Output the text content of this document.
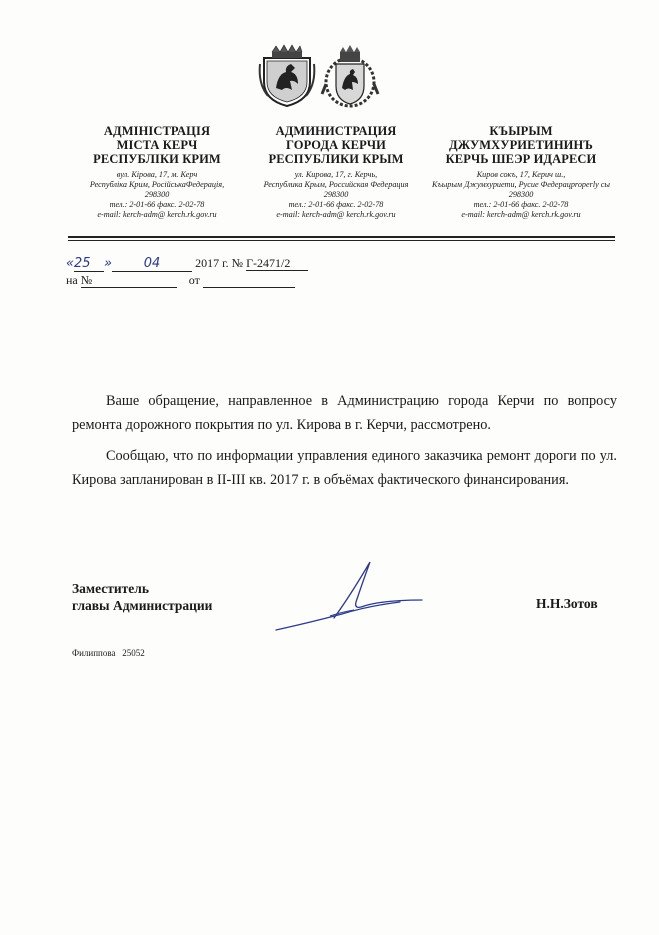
АДМІНІСТРАЦІЯ
МІСТА КЕРЧ
РЕСПУБЛІКИ КРИМ
вул. Кірова, 17, м. Керч
Республіка Крим, РосійськаФедерація,
298300
тел.: 2-01-66 факс. 2-02-78
e-mail: kerch-adm@ kerch.rk.gov.ru
АДМИНИСТРАЦИЯ
ГОРОДА КЕРЧИ
РЕСПУБЛИКИ КРЫМ
ул. Кирова, 17, г. Керчь,
Республика Крым, Российская Федерация
298300
тел.: 2-01-66 факс. 2-02-78
e-mail: kerch-adm@ kerch.rk.gov.ru
КЪЫРЫМ
ДЖУМХУРИЕТИНИНЪ
КЕРЧЬ ШЕЭР ИДАРЕСИ
Киров сокъ, 17, Керич ш.,
Къырым Джумхуриети, Русие Федерацproperly сы
298300
тел.: 2-01-66 факс. 2-02-78
e-mail: kerch-adm@ kerch.rk.gov.ru
«25 » 04	2017 г. № Г-2471/2
на №	от

Ваше обращение, направленное в Администрацию города Керчи по вопросу ремонта дорожного покрытия по ул. Кирова в г. Керчи, рассмотрено.

Сообщаю, что по информации управления единого заказчика ремонт дороги по ул. Кирова запланирован в II-III кв. 2017 г. в объёмах фактического финансирования.

Заместитель
главы Администрации	Н.Н.Зотов
Филиппова 25052
